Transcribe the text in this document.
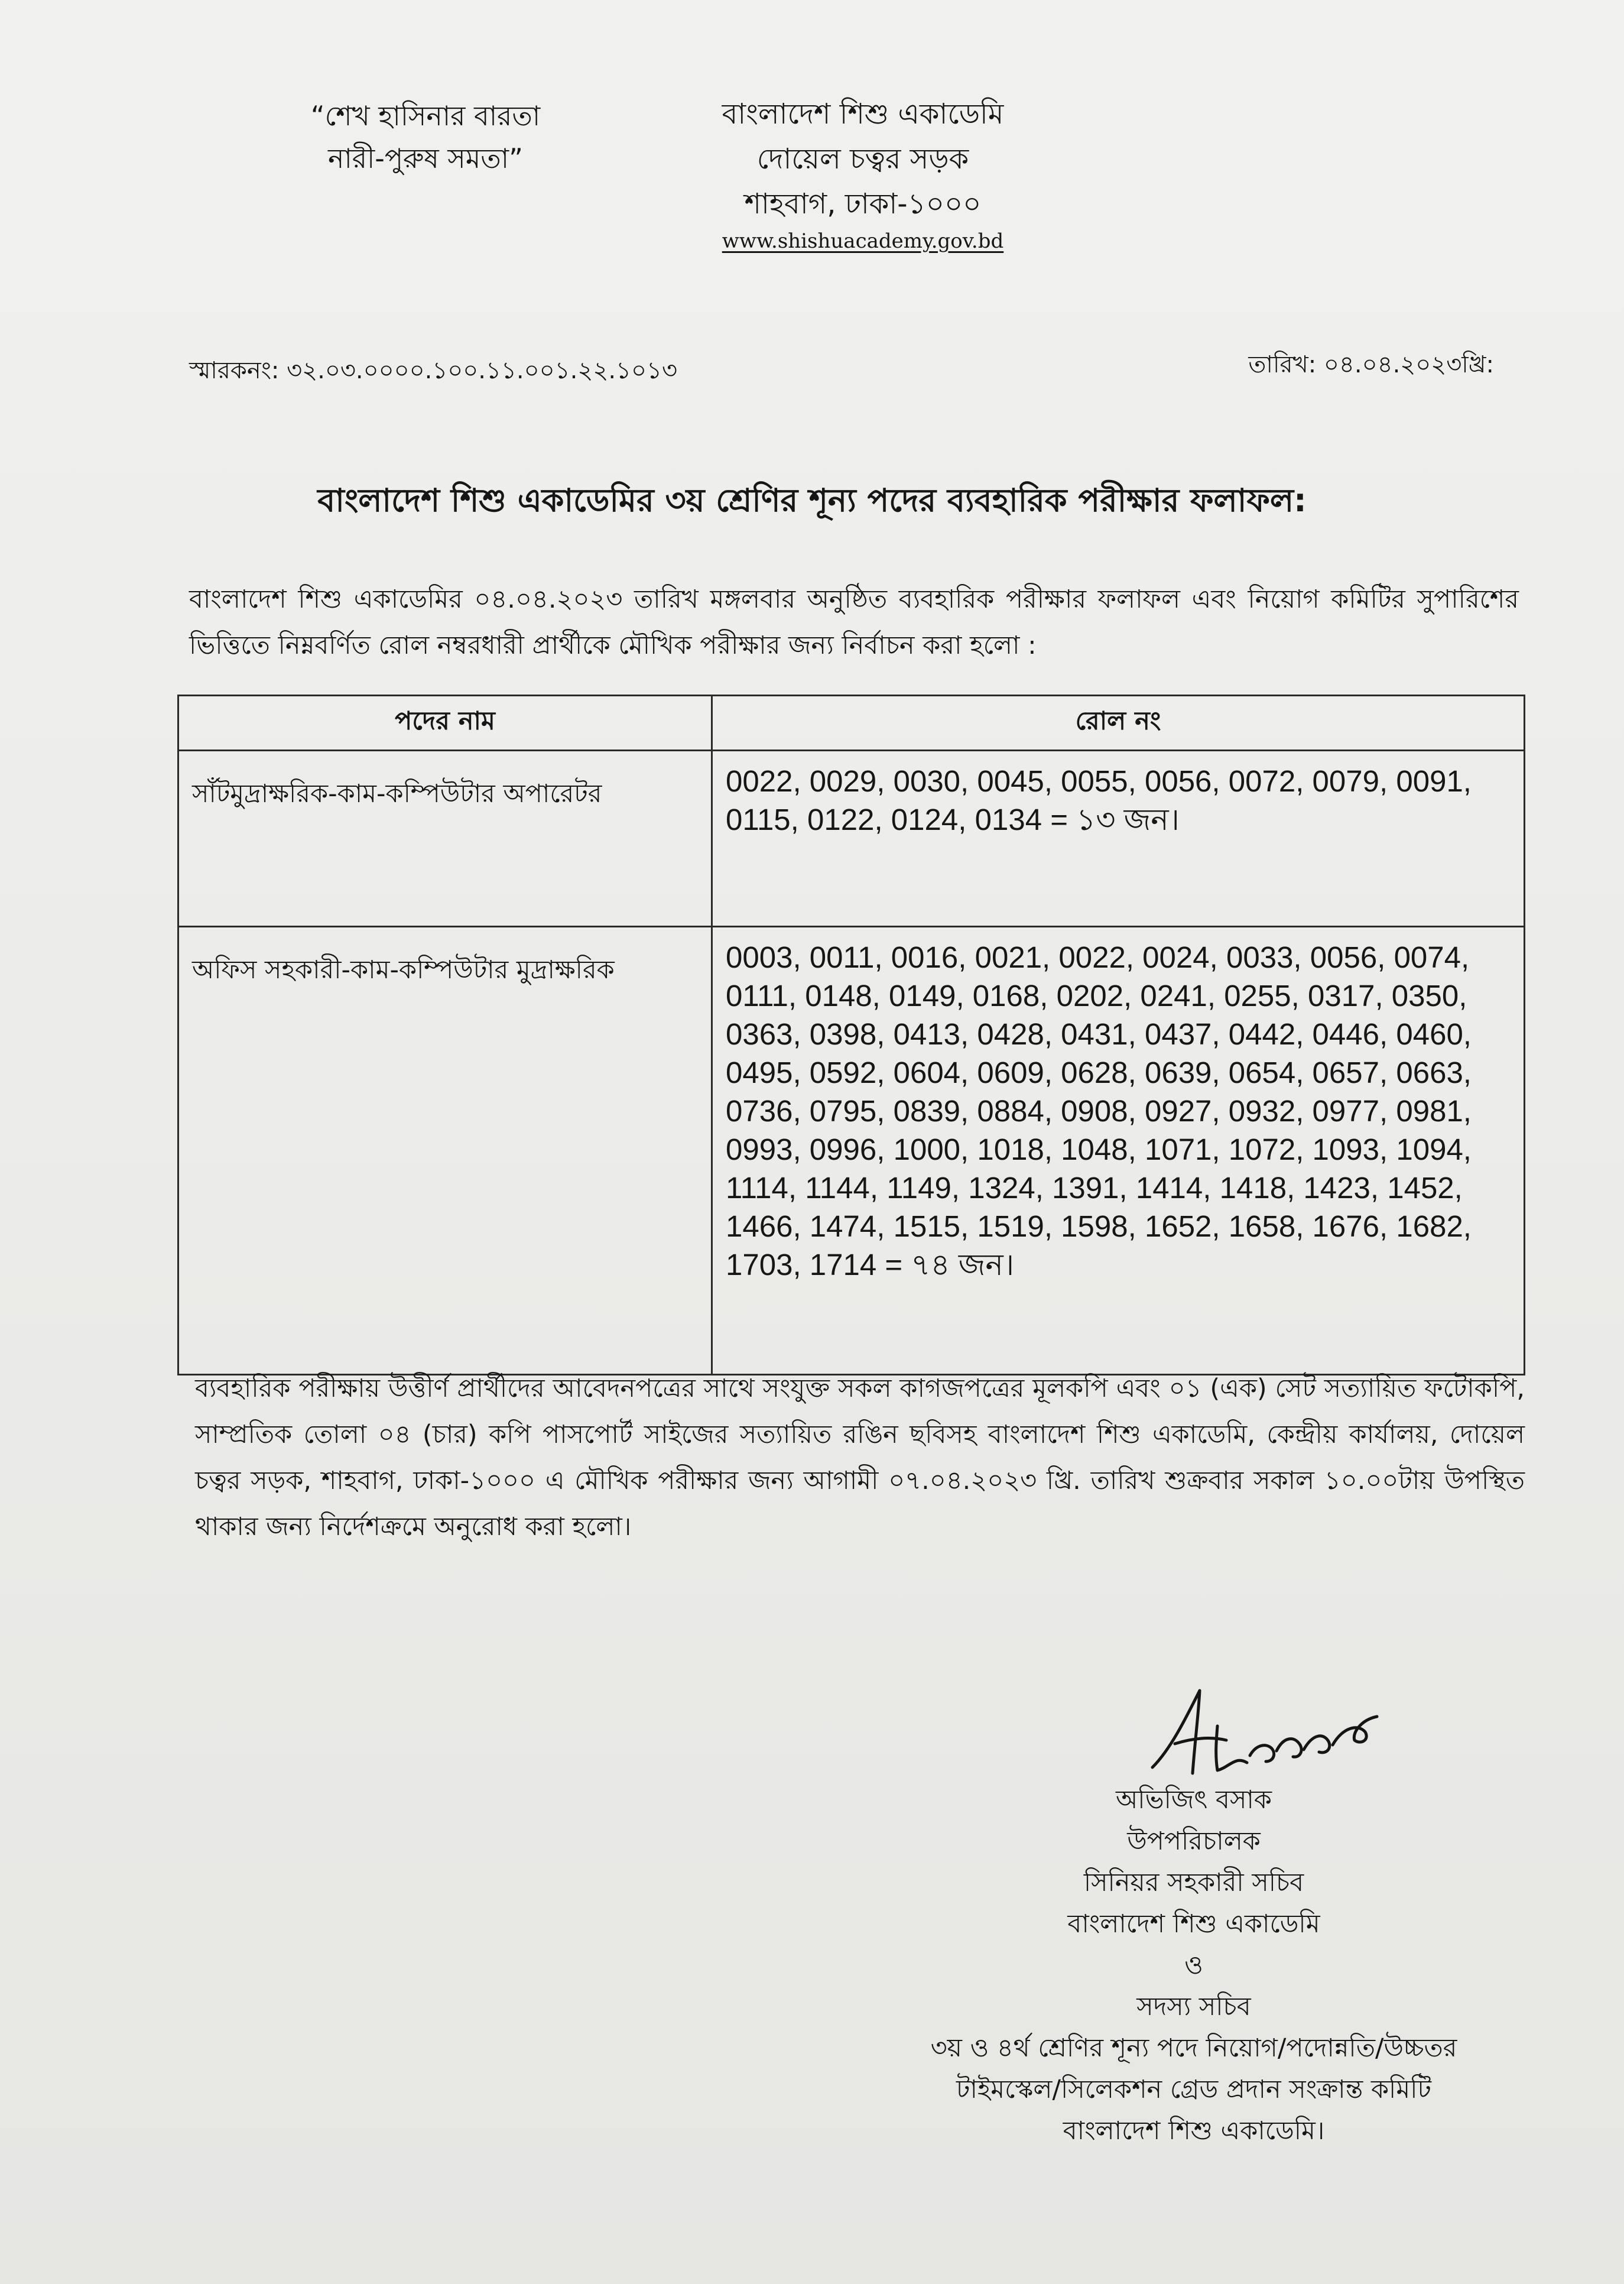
“শেখ হাসিনার বারতা
নারী-পুরুষ সমতা”
বাংলাদেশ শিশু একাডেমি
দোয়েল চত্বর সড়ক
শাহবাগ, ঢাকা-১০০০
www.shishuacademy.gov.bd
স্মারকনং: ৩২.০৩.০০০০.১০০.১১.০০১.২২.১০১৩	তারিখ: ০৪.০৪.২০২৩খ্রি:
বাংলাদেশ শিশু একাডেমির ৩য় শ্রেণির শূন্য পদের ব্যবহারিক পরীক্ষার ফলাফল:
বাংলাদেশ শিশু একাডেমির ০৪.০৪.২০২৩ তারিখ মঙ্গলবার অনুষ্ঠিত ব্যবহারিক পরীক্ষার ফলাফল এবং নিয়োগ কমিটির সুপারিশের ভিত্তিতে নিম্নবর্ণিত রোল নম্বরধারী প্রার্থীকে মৌখিক পরীক্ষার জন্য নির্বাচন করা হলো :
পদের নাম	রোল নং
সাঁটমুদ্রাক্ষরিক-কাম-কম্পিউটার অপারেটর	0022, 0029, 0030, 0045, 0055, 0056, 0072, 0079, 0091, 0115, 0122, 0124, 0134 = ১৩ জন।
অফিস সহকারী-কাম-কম্পিউটার মুদ্রাক্ষরিক	0003, 0011, 0016, 0021, 0022, 0024, 0033, 0056, 0074, 0111, 0148, 0149, 0168, 0202, 0241, 0255, 0317, 0350, 0363, 0398, 0413, 0428, 0431, 0437, 0442, 0446, 0460, 0495, 0592, 0604, 0609, 0628, 0639, 0654, 0657, 0663, 0736, 0795, 0839, 0884, 0908, 0927, 0932, 0977, 0981, 0993, 0996, 1000, 1018, 1048, 1071, 1072, 1093, 1094, 1114, 1144, 1149, 1324, 1391, 1414, 1418, 1423, 1452, 1466, 1474, 1515, 1519, 1598, 1652, 1658, 1676, 1682, 1703, 1714 = ৭৪ জন।
ব্যবহারিক পরীক্ষায় উত্তীর্ণ প্রার্থীদের আবেদনপত্রের সাথে সংযুক্ত সকল কাগজপত্রের মূলকপি এবং ০১ (এক) সেট সত্যায়িত ফটোকপি, সাম্প্রতিক তোলা ০৪ (চার) কপি পাসপোর্ট সাইজের সত্যায়িত রঙিন ছবিসহ বাংলাদেশ শিশু একাডেমি, কেন্দ্রীয় কার্যালয়, দোয়েল চত্বর সড়ক, শাহবাগ, ঢাকা-১০০০ এ মৌখিক পরীক্ষার জন্য আগামী ০৭.০৪.২০২৩ খ্রি. তারিখ শুক্রবার সকাল ১০.০০টায় উপস্থিত থাকার জন্য নির্দেশক্রমে অনুরোধ করা হলো।
অভিজিৎ বসাক
উপপরিচালক
সিনিয়র সহকারী সচিব
বাংলাদেশ শিশু একাডেমি
ও
সদস্য সচিব
৩য় ও ৪র্থ শ্রেণির শূন্য পদে নিয়োগ/পদোন্নতি/উচ্চতর
টাইমস্কেল/সিলেকশন গ্রেড প্রদান সংক্রান্ত কমিটি
বাংলাদেশ শিশু একাডেমি।
